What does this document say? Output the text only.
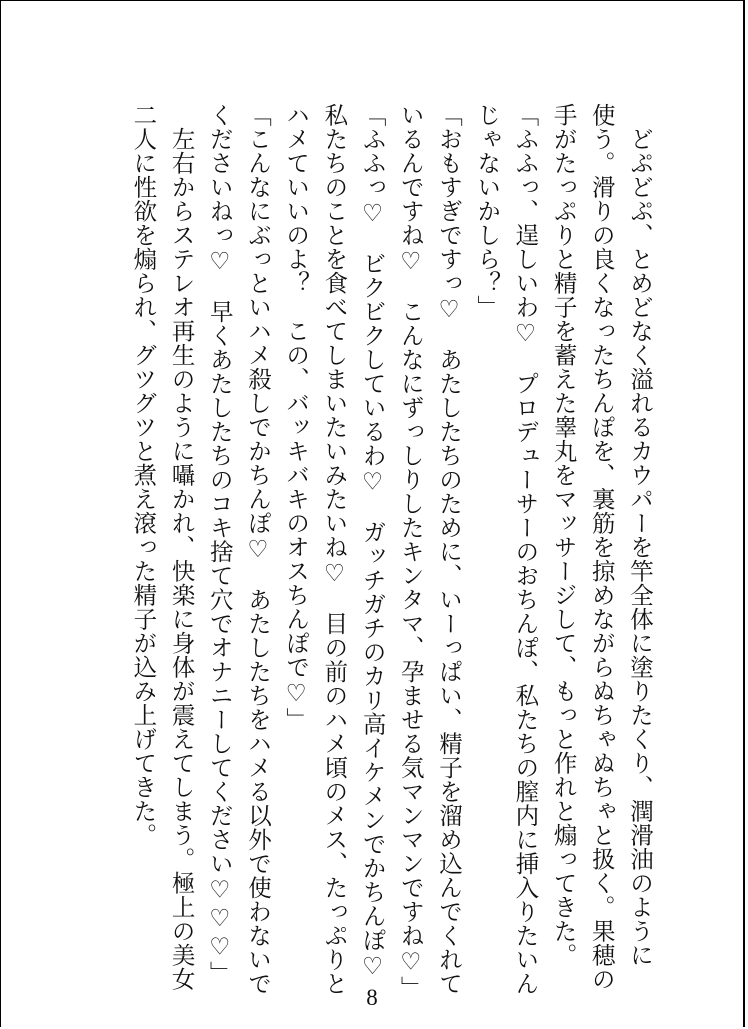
　どぷどぷ、とめどなく溢れるカウパーを竿全体に塗りたくり、潤滑油のように
使う。滑りの良くなったちんぽを、裏筋を掠めながらぬちゃぬちゃと扱く。果穂の
手がたっぷりと精子を蓄えた睾丸をマッサージして、もっと作れと煽ってきた。
「ふふっ、逞しいわ♡　プロデューサーのおちんぽ、私たちの膣内に挿入りたいん
じゃないかしら？」
「おもすぎですっ♡　あたしたちのために、いーっぱい、精子を溜め込んでくれて
いるんですね♡　こんなにずっしりしたキンタマ、孕ませる気マンマンですね♡」
「ふふっ♡　ビクビクしているわ♡　ガッチガチのカリ高イケメンでかちんぽ♡
私たちのことを食べてしまいたいみたいね♡　目の前のハメ頃のメス、たっぷりと
ハメていいのよ？　この、バッキバキのオスちんぽで♡」
「こんなにぶっといハメ殺しでかちんぽ♡　あたしたちをハメる以外で使わないで
くださいねっ♡　早くあたしたちのコキ捨て穴でオナニーしてください♡♡♡」
　左右からステレオ再生のように囁かれ、快楽に身体が震えてしまう。極上の美女
二人に性欲を煽られ、グツグツと煮え滾った精子が込み上げてきた。
8
